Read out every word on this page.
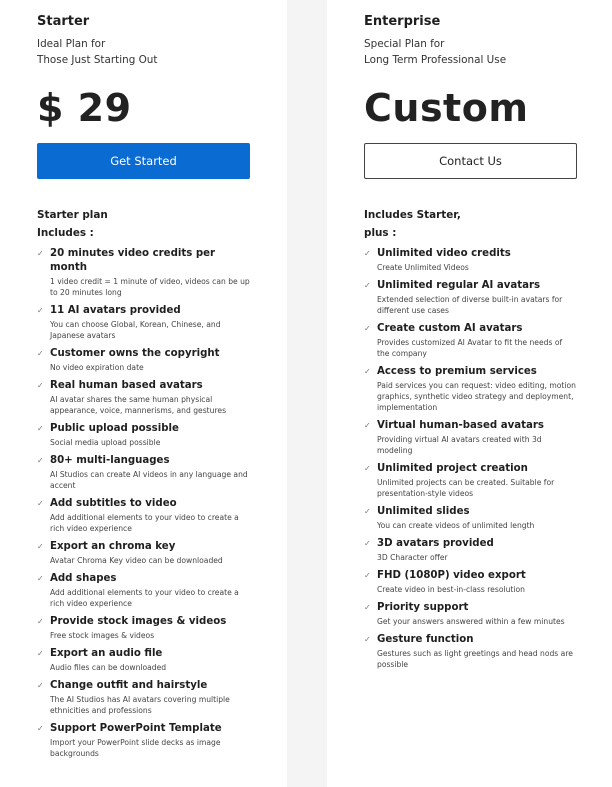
Starter
Ideal Plan for
Those Just Starting Out
$ 29
Get Started
Starter plan
Includes :
✓ 20 minutes video credits per month
1 video credit = 1 minute of video, videos can be up to 20 minutes long
✓ 11 AI avatars provided
You can choose Global, Korean, Chinese, and Japanese avatars
✓ Customer owns the copyright
No video expiration date
✓ Real human based avatars
AI avatar shares the same human physical appearance, voice, mannerisms, and gestures
✓ Public upload possible
Social media upload possible
✓ 80+ multi-languages
AI Studios can create AI videos in any language and accent
✓ Add subtitles to video
Add additional elements to your video to create a rich video experience
✓ Export an chroma key
Avatar Chroma Key video can be downloaded
✓ Add shapes
Add additional elements to your video to create a rich video experience
✓ Provide stock images & videos
Free stock images & videos
✓ Export an audio file
Audio files can be downloaded
✓ Change outfit and hairstyle
The AI Studios has AI avatars covering multiple ethnicities and professions
✓ Support PowerPoint Template
Import your PowerPoint slide decks as image backgrounds
Enterprise
Special Plan for
Long Term Professional Use
Custom
Contact Us
Includes Starter,
plus :
✓ Unlimited video credits
Create Unlimited Videos
✓ Unlimited regular AI avatars
Extended selection of diverse built-in avatars for different use cases
✓ Create custom AI avatars
Provides customized AI Avatar to fit the needs of the company
✓ Access to premium services
Paid services you can request: video editing, motion graphics, synthetic video strategy and deployment, implementation
✓ Virtual human-based avatars
Providing virtual AI avatars created with 3d modeling
✓ Unlimited project creation
Unlimited projects can be created. Suitable for presentation-style videos
✓ Unlimited slides
You can create videos of unlimited length
✓ 3D avatars provided
3D Character offer
✓ FHD (1080P) video export
Create video in best-in-class resolution
✓ Priority support
Get your answers answered within a few minutes
✓ Gesture function
Gestures such as light greetings and head nods are possible
